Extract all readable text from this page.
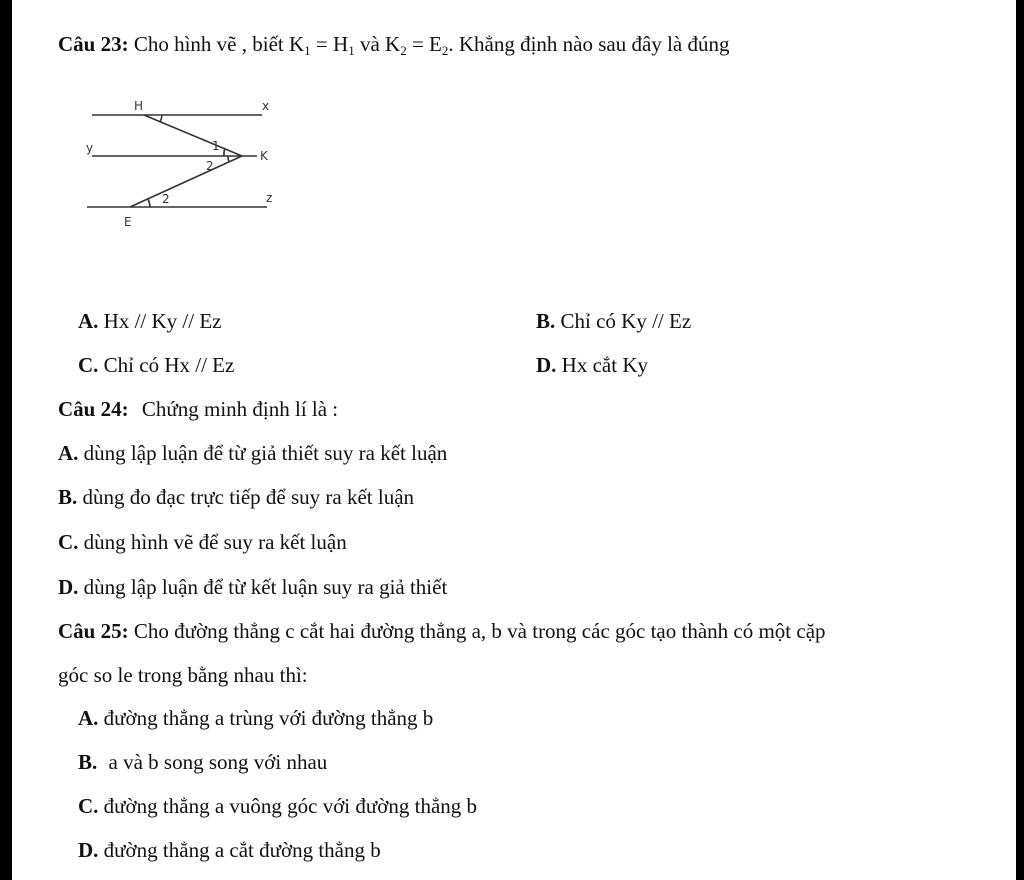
Câu 23: Cho hình vẽ , biết $K_1 = H_1$ và $K_2 = E_2$. Khẳng định nào sau đây là đúng
H	x
y
K
E
z
1
2
2
A. Hx // Ky // Ez	B. Chỉ có Ky // Ez
C. Chỉ có Hx // Ez	D. Hx cắt Ky
Câu 24: Chứng minh định lí là :
A. dùng lập luận để từ giả thiết suy ra kết luận
B. dùng đo đạc trực tiếp để suy ra kết luận
C. dùng hình vẽ để suy ra kết luận
D. dùng lập luận để từ kết luận suy ra giả thiết
Câu 25: Cho đường thẳng c cắt hai đường thẳng a, b và trong các góc tạo thành có một cặp
góc so le trong bằng nhau thì:
A. đường thẳng a trùng với đường thẳng b
B. a và b song song với nhau
C. đường thẳng a vuông góc với đường thẳng b
D. đường thẳng a cắt đường thẳng b
